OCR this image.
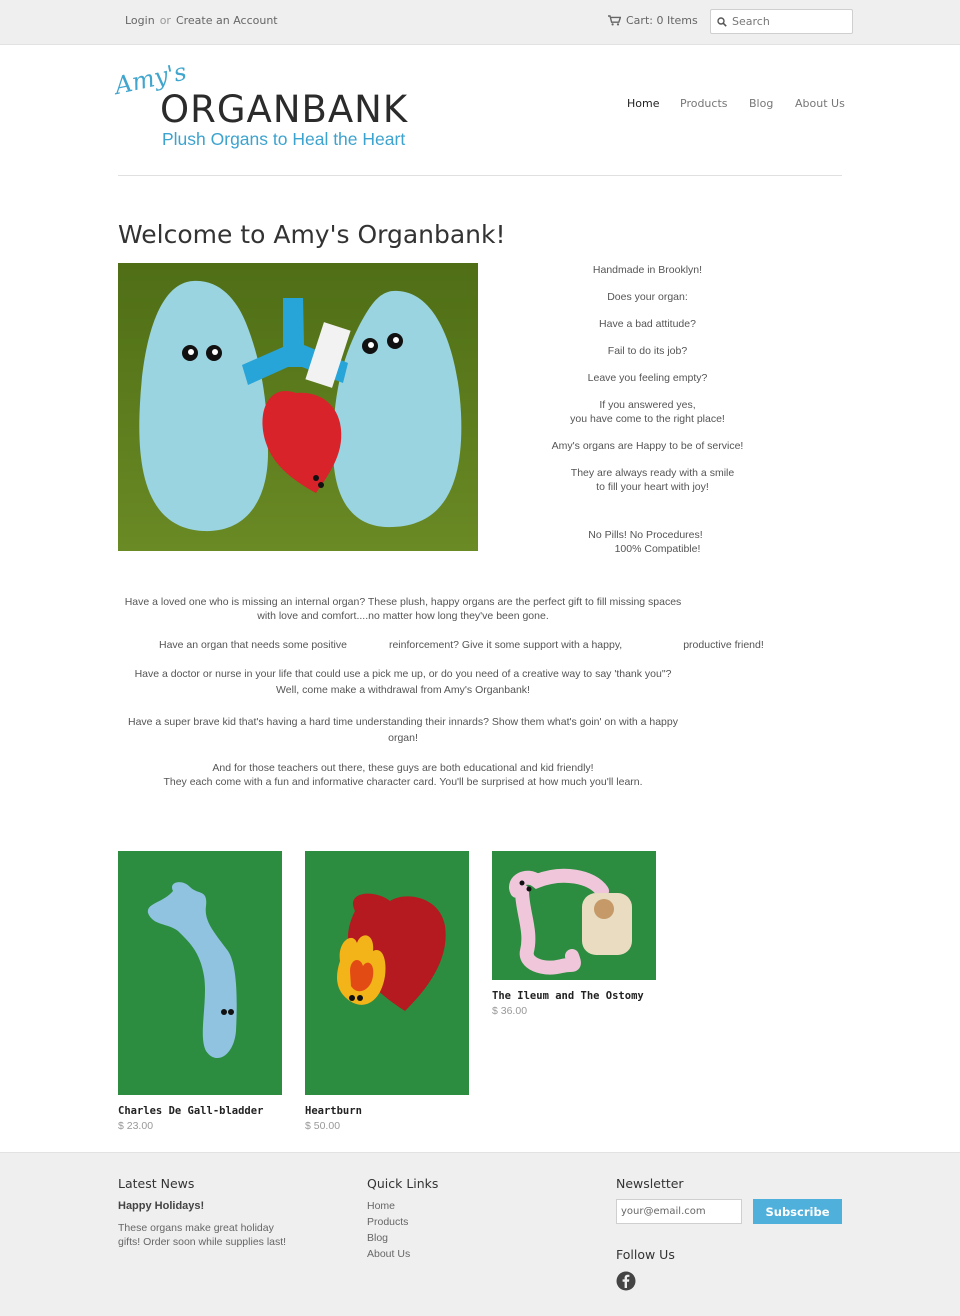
Login or Create an Account	Cart: 0 Items
Search
Amy's
ORGANBANK
Plush Organs to Heal the Heart
Home Products Blog About Us
Welcome to Amy's Organbank!

Handmade in Brooklyn!

Does your organ:

Have a bad attitude?

Fail to do its job?

Leave you feeling empty?

If you answered yes,

you have come to the right place!

Amy's organs are Happy to be of service!

They are always ready with a smile

to fill your heart with joy!

No Pills! No Procedures!

100% Compatible!

Have a loved one who is missing an internal organ? These plush, happy organs are the perfect gift to fill missing spaces

with love and comfort....no matter how long they've been gone.

Have an organ that needs some positive	reinforcement? Give it some support with a happy,	productive friend!

Have a doctor or nurse in your life that could use a pick me up, or do you need of a creative way to say 'thank you"?

Well, come make a withdrawal from Amy's Organbank!

Have a super brave kid that's having a hard time understanding their innards? Show them what's goin' on with a happy

organ!

And for those teachers out there, these guys are both educational and kid friendly!

They each come with a fun and informative character card. You'll be surprised at how much you'll learn.

Charles De Gall-bladder
$ 23.00
Heartburn
$ 50.00
The Ileum and The Ostomy
$ 36.00
Latest News
Happy Holidays!
These organs make great holiday gifts! Order soon while supplies last!
Quick Links
Home
Products
Blog
About Us
Newsletter
your@email.com
Subscribe
Follow Us
